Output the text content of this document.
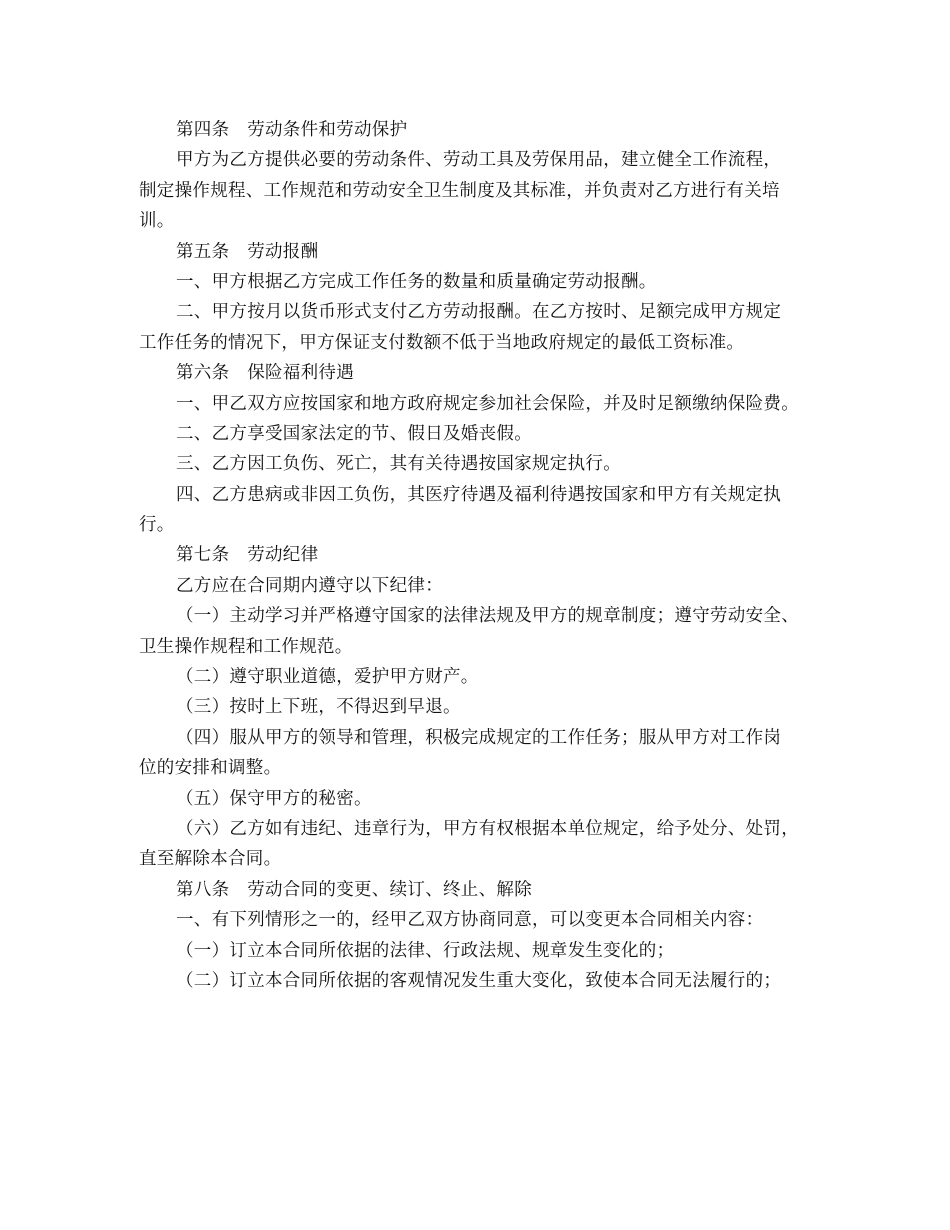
第四条　劳动条件和劳动保护
甲方为乙方提供必要的劳动条件、劳动工具及劳保用品，建立健全工作流程，
制定操作规程、工作规范和劳动安全卫生制度及其标准，并负责对乙方进行有关培
训。
第五条　劳动报酬
一、甲方根据乙方完成工作任务的数量和质量确定劳动报酬。
二、甲方按月以货币形式支付乙方劳动报酬。在乙方按时、足额完成甲方规定
工作任务的情况下，甲方保证支付数额不低于当地政府规定的最低工资标准。
第六条　保险福利待遇
一、甲乙双方应按国家和地方政府规定参加社会保险，并及时足额缴纳保险费。
二、乙方享受国家法定的节、假日及婚丧假。
三、乙方因工负伤、死亡，其有关待遇按国家规定执行。
四、乙方患病或非因工负伤，其医疗待遇及福利待遇按国家和甲方有关规定执
行。
第七条　劳动纪律
乙方应在合同期内遵守以下纪律：
（一）主动学习并严格遵守国家的法律法规及甲方的规章制度；遵守劳动安全、
卫生操作规程和工作规范。
（二）遵守职业道德，爱护甲方财产。
（三）按时上下班，不得迟到早退。
（四）服从甲方的领导和管理，积极完成规定的工作任务；服从甲方对工作岗
位的安排和调整。
（五）保守甲方的秘密。
（六）乙方如有违纪、违章行为，甲方有权根据本单位规定，给予处分、处罚，
直至解除本合同。
第八条　劳动合同的变更、续订、终止、解除
一、有下列情形之一的，经甲乙双方协商同意，可以变更本合同相关内容：
（一）订立本合同所依据的法律、行政法规、规章发生变化的；
（二）订立本合同所依据的客观情况发生重大变化，致使本合同无法履行的；
